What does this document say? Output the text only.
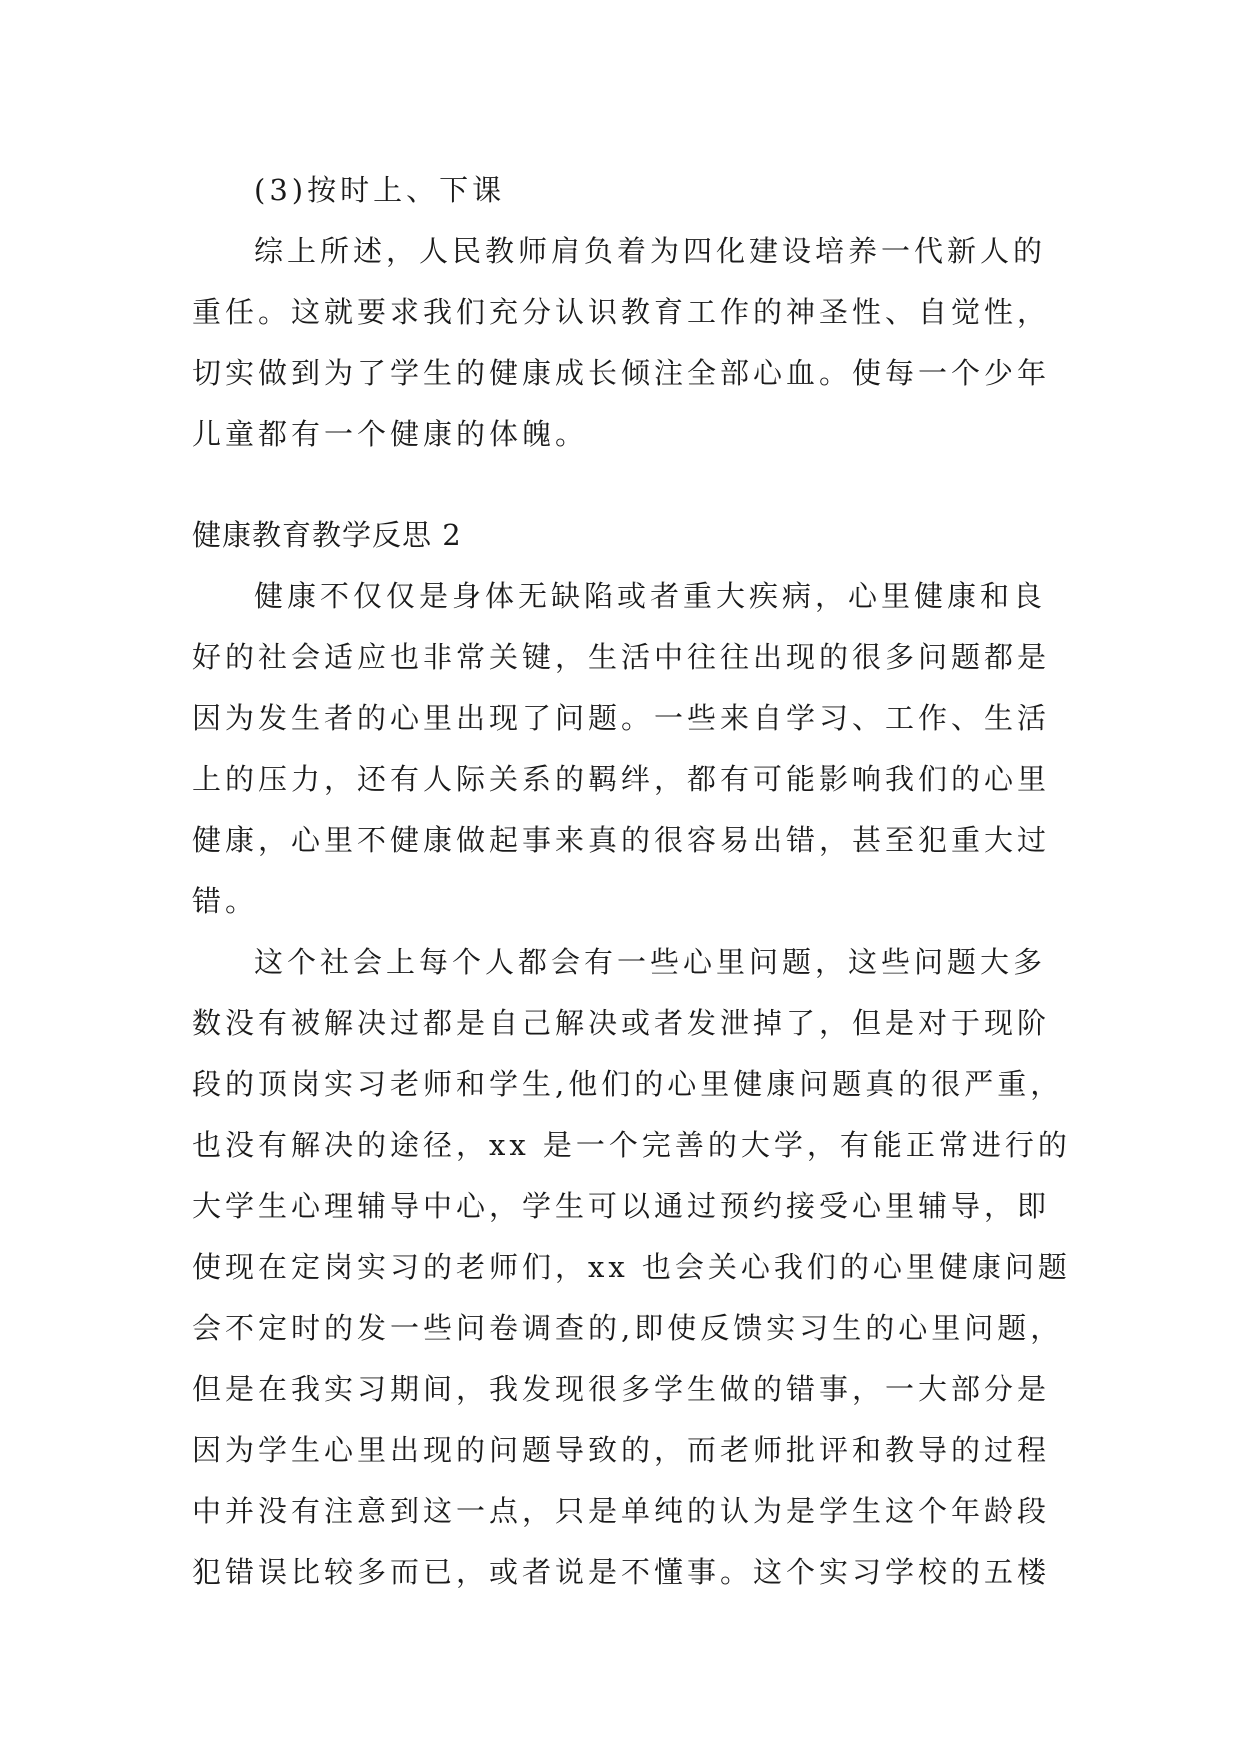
(3)按时上、下课
综上所述，人民教师肩负着为四化建设培养一代新人的
重任。这就要求我们充分认识教育工作的神圣性、自觉性，
切实做到为了学生的健康成长倾注全部心血。使每一个少年
儿童都有一个健康的体魄。
健康教育教学反思 2
健康不仅仅是身体无缺陷或者重大疾病，心里健康和良
好的社会适应也非常关键，生活中往往出现的很多问题都是
因为发生者的心里出现了问题。一些来自学习、工作、生活
上的压力，还有人际关系的羁绊，都有可能影响我们的心里
健康，心里不健康做起事来真的很容易出错，甚至犯重大过
错。
这个社会上每个人都会有一些心里问题，这些问题大多
数没有被解决过都是自己解决或者发泄掉了，但是对于现阶
段的顶岗实习老师和学生,他们的心里健康问题真的很严重，
也没有解决的途径，xx 是一个完善的大学，有能正常进行的
大学生心理辅导中心，学生可以通过预约接受心里辅导，即
使现在定岗实习的老师们，xx 也会关心我们的心里健康问题
会不定时的发一些问卷调查的,即使反馈实习生的心里问题，
但是在我实习期间，我发现很多学生做的错事，一大部分是
因为学生心里出现的问题导致的，而老师批评和教导的过程
中并没有注意到这一点，只是单纯的认为是学生这个年龄段
犯错误比较多而已，或者说是不懂事。这个实习学校的五楼
